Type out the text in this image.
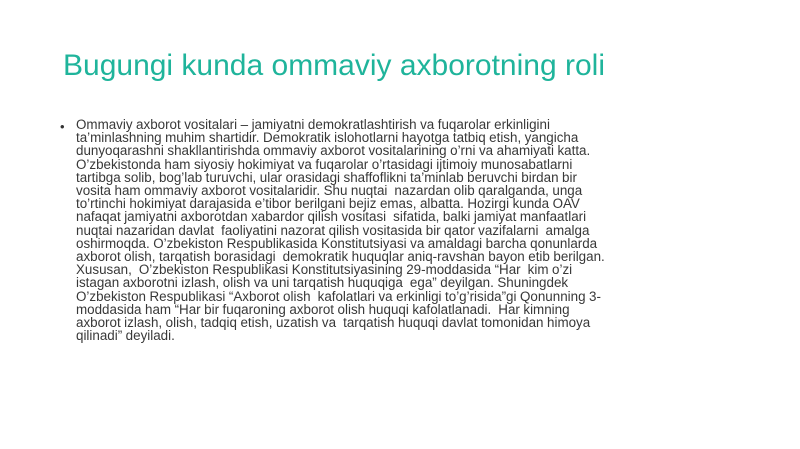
Bugungi kunda ommaviy axborotning roli
• Ommaviy axborot vositalari – jamiyatni demokratlashtirish va fuqarolar erkinligini
ta’minlashning muhim shartidir. Demokratik islohotlarni hayotga tatbiq etish, yangicha
dunyoqarashni shakllantirishda ommaviy axborot vositalarining o’rni va ahamiyati katta.
O’zbekistonda ham siyosiy hokimiyat va fuqarolar o’rtasidagi ijtimoiy munosabatlarni
tartibga solib, bog’lab turuvchi, ular orasidagi shaffoflikni ta’minlab beruvchi birdan bir
vosita ham ommaviy axborot vositalaridir. Shu nuqtai  nazardan olib qaralganda, unga
to’rtinchi hokimiyat darajasida e’tibor berilgani bejiz emas, albatta. Hozirgi kunda OAV
nafaqat jamiyatni axborotdan xabardor qilish vositasi  sifatida, balki jamiyat manfaatlari
nuqtai nazaridan davlat  faoliyatini nazorat qilish vositasida bir qator vazifalarni  amalga
oshirmoqda. O’zbekiston Respublikasida Konstitutsiyasi va amaldagi barcha qonunlarda
axborot olish, tarqatish borasidagi  demokratik huquqlar aniq-ravshan bayon etib berilgan.
Xususan,  O’zbekiston Respublikasi Konstitutsiyasining 29-moddasida “Har  kim o’zi
istagan axborotni izlash, olish va uni tarqatish huquqiga  ega” deyilgan. Shuningdek
O’zbekiston Respublikasi “Axborot olish  kafolatlari va erkinligi to’g’risida”gi Qonunning 3-
moddasida ham “Har bir fuqaroning axborot olish huquqi kafolatlanadi.  Har kimning
axborot izlash, olish, tadqiq etish, uzatish va  tarqatish huquqi davlat tomonidan himoya
qilinadi” deyiladi.
